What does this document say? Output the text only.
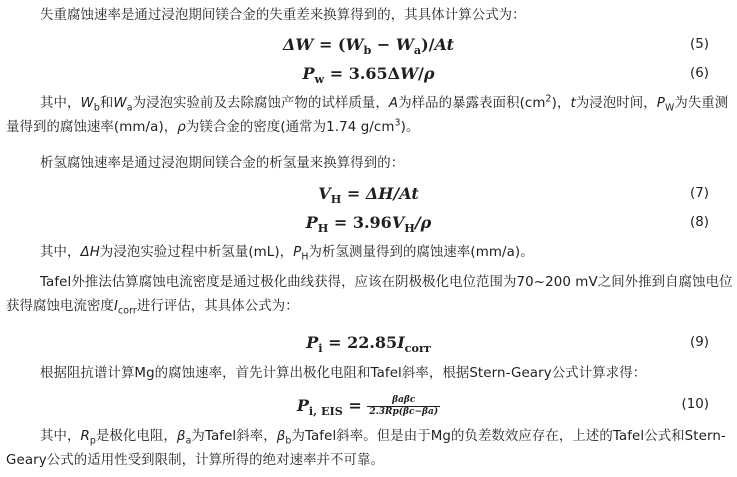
失重腐蚀速率是通过浸泡期间镁合金的失重差来换算得到的，其具体计算公式为：

$\Delta W = (W_b - W_a)/At$	(5)
$P_w = 3.65\Delta W/\rho$	(6)

其中，$W_b$和$W_a$为浸泡实验前及去除腐蚀产物的试样质量，A为样品的暴露表面积$(cm^2)$，t为浸泡时间，$P_W$为失重测量得到的腐蚀速率(mm/a)，ρ为镁合金的密度(通常为1.74 $g/cm^3$)。

析氢腐蚀速率是通过浸泡期间镁合金的析氢量来换算得到的：

$V_H = \Delta H/At$	(7)
$P_H = 3.96V_H/\rho$	(8)

其中，ΔH为浸泡实验过程中析氢量(mL)，$P_H$为析氢测量得到的腐蚀速率(mm/a)。

Tafel外推法估算腐蚀电流密度是通过极化曲线获得，应该在阴极极化电位范围为70~200 mV之间外推到自腐蚀电位获得腐蚀电流密度$I_{corr}$进行评估，其具体公式为：

$P_i = 22.85I_{corr}$	(9)

根据阻抗谱计算Mg的腐蚀速率，首先计算出极化电阻和Tafel斜率，根据Stern-Geary公式计算求得：

$P_{i, EIS} = \frac{\text{βaβc}}{2.3Rp(\beta c-\beta a)}$	(10)

其中，$R_p$是极化电阻，$\beta_a$为Tafel斜率，$\beta_b$为Tafel斜率。但是由于Mg的负差数效应存在，上述的Tafel公式和Stern-Geary公式的适用性受到限制，计算所得的绝对速率并不可靠。
